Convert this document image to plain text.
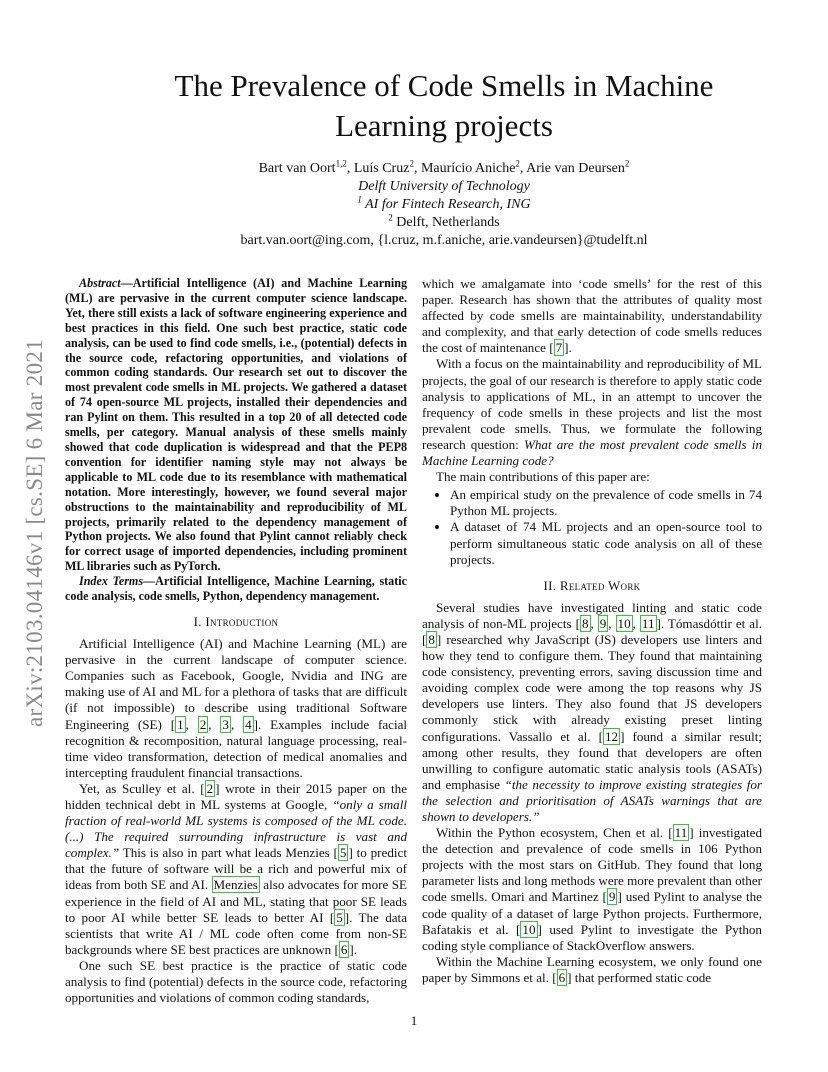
arXiv:2103.04146v1 [cs.SE] 6 Mar 2021
The Prevalence of Code Smells in Machine
Learning projects
Bart van Oort$^{1,2}$, Luís Cruz$^2$, Maurício Aniche$^2$, Arie van Deursen$^2$
Delft University of Technology
$^1$ AI for Fintech Research, ING
$^2$ Delft, Netherlands
bart.van.oort@ing.com, {l.cruz, m.f.aniche, arie.vandeursen}@tudelft.nl

Abstract—Artificial Intelligence (AI) and Machine Learning (ML) are pervasive in the current computer science landscape. Yet, there still exists a lack of software engineering experience and best practices in this field. One such best practice, static code analysis, can be used to find code smells, i.e., (potential) defects in the source code, refactoring opportunities, and violations of common coding standards. Our research set out to discover the most prevalent code smells in ML projects. We gathered a dataset of 74 open-source ML projects, installed their dependencies and ran Pylint on them. This resulted in a top 20 of all detected code smells, per category. Manual analysis of these smells mainly showed that code duplication is widespread and that the PEP8 convention for identifier naming style may not always be applicable to ML code due to its resemblance with mathematical notation. More interestingly, however, we found several major obstructions to the maintainability and reproducibility of ML projects, primarily related to the dependency management of Python projects. We also found that Pylint cannot reliably check for correct usage of imported dependencies, including prominent ML libraries such as PyTorch.

Index Terms—Artificial Intelligence, Machine Learning, static code analysis, code smells, Python, dependency management.

I. Introduction

Artificial Intelligence (AI) and Machine Learning (ML) are pervasive in the current landscape of computer science. Companies such as Facebook, Google, Nvidia and ING are making use of AI and ML for a plethora of tasks that are difficult (if not impossible) to describe using traditional Software Engineering (SE) [ 1 , 2 , 3 , 4 ]. Examples include facial recognition & recomposition, natural language processing, real-time video transformation, detection of medical anomalies and intercepting fraudulent financial transactions.

Yet, as Sculley et al. [ 2 ] wrote in their 2015 paper on the hidden technical debt in ML systems at Google, “only a small fraction of real-world ML systems is composed of the ML code. (...) The required surrounding infrastructure is vast and complex.” This is also in part what leads Menzies [ 5 ] to predict that the future of software will be a rich and powerful mix of ideas from both SE and AI. Menzies also advocates for more SE experience in the field of AI and ML, stating that poor SE leads to poor AI while better SE leads to better AI [ 5 ]. The data scientists that write AI / ML code often come from non-SE backgrounds where SE best practices are unknown [ 6 ].

One such SE best practice is the practice of static code analysis to find (potential) defects in the source code, refactoring opportunities and violations of common coding standards,

which we amalgamate into ‘code smells’ for the rest of this paper. Research has shown that the attributes of quality most affected by code smells are maintainability, understandability and complexity, and that early detection of code smells reduces the cost of maintenance [ 7 ].

With a focus on the maintainability and reproducibility of ML projects, the goal of our research is therefore to apply static code analysis to applications of ML, in an attempt to uncover the frequency of code smells in these projects and list the most prevalent code smells. Thus, we formulate the following research question: What are the most prevalent code smells in Machine Learning code?

The main contributions of this paper are:

• An empirical study on the prevalence of code smells in 74 Python ML projects.
• A dataset of 74 ML projects and an open-source tool to perform simultaneous static code analysis on all of these projects.
II. Related Work

Several studies have investigated linting and static code analysis of non-ML projects [ 8 , 9 , 10 , 11 ]. Tómasdóttir et al. [ 8 ] researched why JavaScript (JS) developers use linters and how they tend to configure them. They found that maintaining code consistency, preventing errors, saving discussion time and avoiding complex code were among the top reasons why JS developers use linters. They also found that JS developers commonly stick with already existing preset linting configurations. Vassallo et al. [ 12 ] found a similar result; among other results, they found that developers are often unwilling to configure automatic static analysis tools (ASATs) and emphasise “the necessity to improve existing strategies for the selection and prioritisation of ASATs warnings that are shown to developers.”

Within the Python ecosystem, Chen et al. [ 11 ] investigated the detection and prevalence of code smells in 106 Python projects with the most stars on GitHub. They found that long parameter lists and long methods were more prevalent than other code smells. Omari and Martinez [ 9 ] used Pylint to analyse the code quality of a dataset of large Python projects. Furthermore, Bafatakis et al. [ 10 ] used Pylint to investigate the Python coding style compliance of StackOverflow answers.

Within the Machine Learning ecosystem, we only found one paper by Simmons et al. [ 6 ] that performed static code

1
